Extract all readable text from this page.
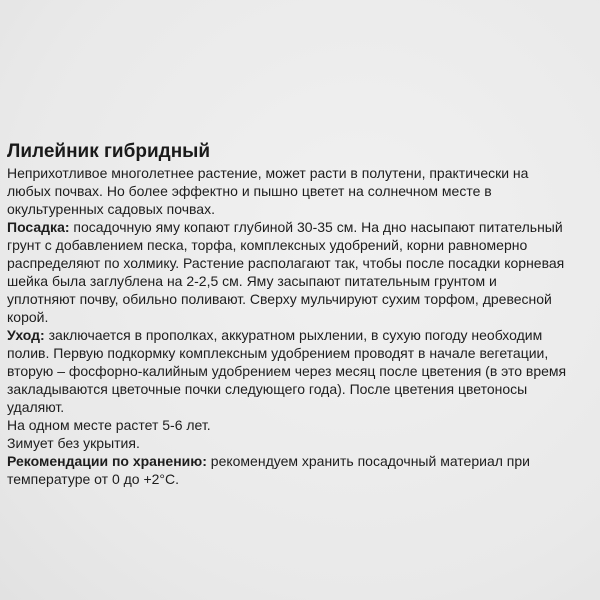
Лилейник гибридный
Неприхотливое многолетнее растение, может расти в полутени, практически на
любых почвах. Но более эффектно и пышно цветет на солнечном месте в
окультуренных садовых почвах.
Посадка: посадочную яму копают глубиной 30-35 см. На дно насыпают питательный
грунт с добавлением песка, торфа, комплексных удобрений, корни равномерно
распределяют по холмику. Растение располагают так, чтобы после посадки корневая
шейка была заглублена на 2-2,5 см. Яму засыпают питательным грунтом и
уплотняют почву, обильно поливают. Сверху мульчируют сухим торфом, древесной
корой.
Уход: заключается в прополках, аккуратном рыхлении, в сухую погоду необходим
полив. Первую подкормку комплексным удобрением проводят в начале вегетации,
вторую – фосфорно-калийным удобрением через месяц после цветения (в это время
закладываются цветочные почки следующего года). После цветения цветоносы
удаляют.
На одном месте растет 5-6 лет.
Зимует без укрытия.
Рекомендации по хранению: рекомендуем хранить посадочный материал при
температуре от 0 до +2°С.
